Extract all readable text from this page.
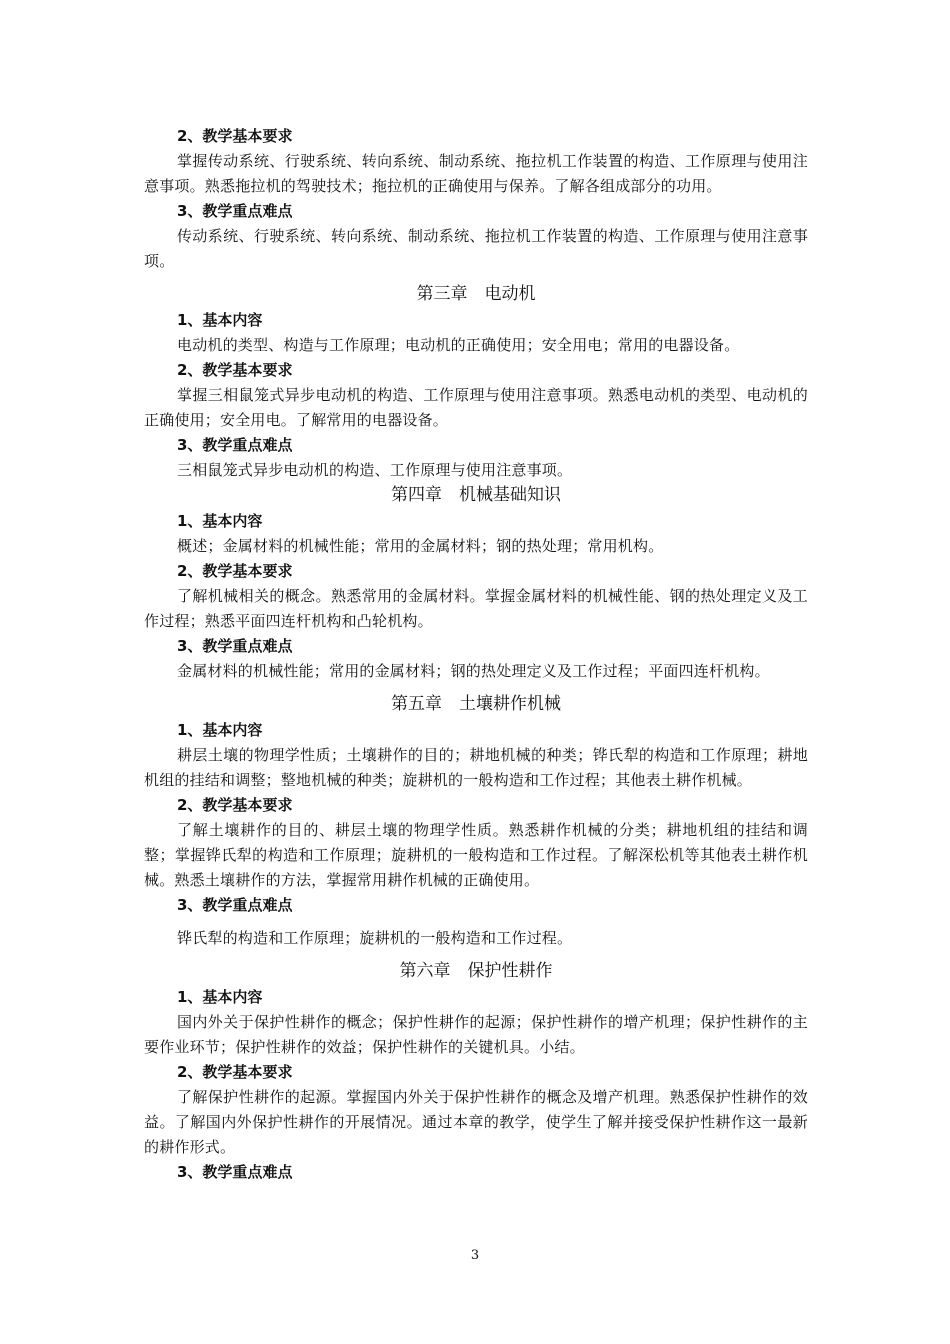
2、教学基本要求

掌握传动系统、行驶系统、转向系统、制动系统、拖拉机工作装置的构造、工作原理与使用注意事项。熟悉拖拉机的驾驶技术；拖拉机的正确使用与保养。了解各组成部分的功用。

3、教学重点难点

传动系统、行驶系统、转向系统、制动系统、拖拉机工作装置的构造、工作原理与使用注意事项。

第三章　电动机
1、基本内容

电动机的类型、构造与工作原理；电动机的正确使用；安全用电；常用的电器设备。

2、教学基本要求

掌握三相鼠笼式异步电动机的构造、工作原理与使用注意事项。熟悉电动机的类型、电动机的正确使用；安全用电。了解常用的电器设备。

3、教学重点难点

三相鼠笼式异步电动机的构造、工作原理与使用注意事项。

第四章　机械基础知识
1、基本内容

概述；金属材料的机械性能；常用的金属材料；钢的热处理；常用机构。

2、教学基本要求

了解机械相关的概念。熟悉常用的金属材料。掌握金属材料的机械性能、钢的热处理定义及工作过程；熟悉平面四连杆机构和凸轮机构。

3、教学重点难点

金属材料的机械性能；常用的金属材料；钢的热处理定义及工作过程；平面四连杆机构。

第五章　土壤耕作机械
1、基本内容

耕层土壤的物理学性质；土壤耕作的目的；耕地机械的种类；铧氏犁的构造和工作原理；耕地机组的挂结和调整；整地机械的种类；旋耕机的一般构造和工作过程；其他表土耕作机械。

2、教学基本要求

了解土壤耕作的目的、耕层土壤的物理学性质。熟悉耕作机械的分类；耕地机组的挂结和调整；掌握铧氏犁的构造和工作原理；旋耕机的一般构造和工作过程。了解深松机等其他表土耕作机械。熟悉土壤耕作的方法，掌握常用耕作机械的正确使用。

3、教学重点难点

铧氏犁的构造和工作原理；旋耕机的一般构造和工作过程。

第六章　保护性耕作
1、基本内容

国内外关于保护性耕作的概念；保护性耕作的起源；保护性耕作的增产机理；保护性耕作的主要作业环节；保护性耕作的效益；保护性耕作的关键机具。小结。

2、教学基本要求

了解保护性耕作的起源。掌握国内外关于保护性耕作的概念及增产机理。熟悉保护性耕作的效益。了解国内外保护性耕作的开展情况。通过本章的教学，使学生了解并接受保护性耕作这一最新的耕作形式。

3、教学重点难点
3
